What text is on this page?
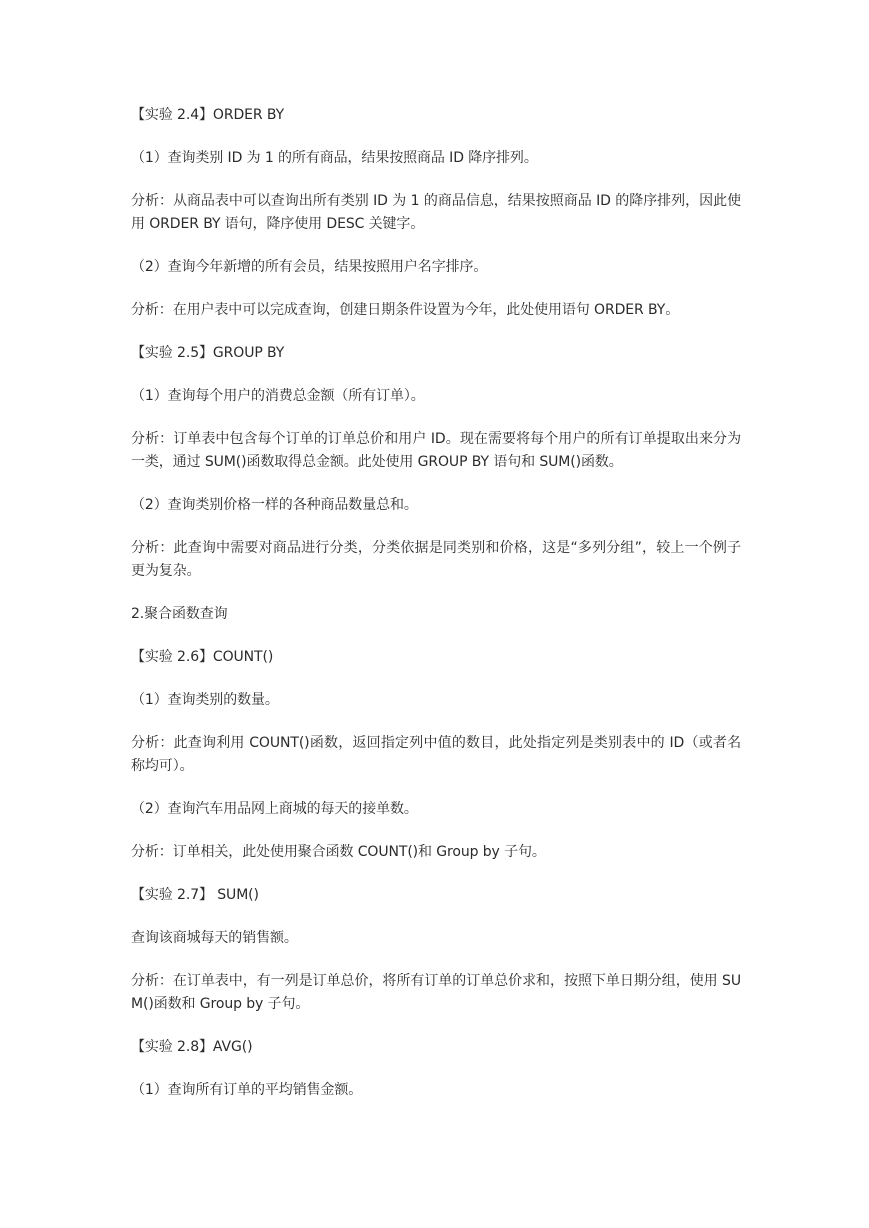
【实验 2.4】ORDER BY

（1）查询类别 ID 为 1 的所有商品，结果按照商品 ID 降序排列。

分析：从商品表中可以查询出所有类别 ID 为 1 的商品信息，结果按照商品 ID 的降序排列，因此使用 ORDER BY 语句，降序使用 DESC 关键字。

（2）查询今年新增的所有会员，结果按照用户名字排序。

分析：在用户表中可以完成查询，创建日期条件设置为今年，此处使用语句 ORDER BY。

【实验 2.5】GROUP BY

（1）查询每个用户的消费总金额（所有订单）。

分析：订单表中包含每个订单的订单总价和用户 ID。现在需要将每个用户的所有订单提取出来分为一类，通过 SUM()函数取得总金额。此处使用 GROUP BY 语句和 SUM()函数。

（2）查询类别价格一样的各种商品数量总和。

分析：此查询中需要对商品进行分类，分类依据是同类别和价格，这是“多列分组”，较上一个例子更为复杂。

2.聚合函数查询

【实验 2.6】COUNT()

（1）查询类别的数量。

分析：此查询利用 COUNT()函数，返回指定列中值的数目，此处指定列是类别表中的 ID（或者名称均可）。

（2）查询汽车用品网上商城的每天的接单数。

分析：订单相关，此处使用聚合函数 COUNT()和 Group by 子句。

【实验 2.7】 SUM()

查询该商城每天的销售额。

分析：在订单表中，有一列是订单总价，将所有订单的订单总价求和，按照下单日期分组，使用 SUM()函数和 Group by 子句。

【实验 2.8】AVG()

（1）查询所有订单的平均销售金额。
